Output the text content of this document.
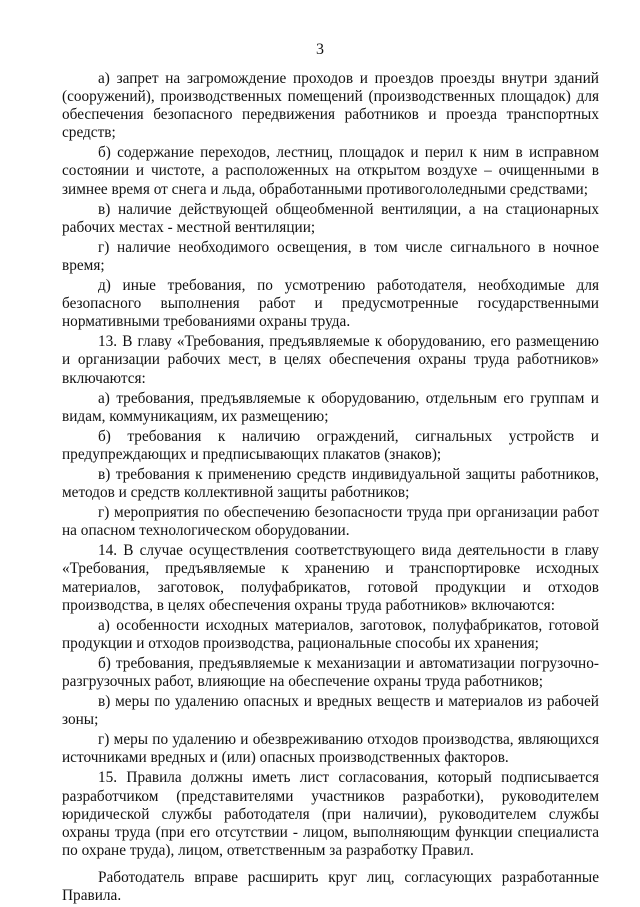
3

а) запрет на загромождение проходов и проездов проезды внутри зданий (сооружений), производственных помещений (производственных площадок) для обеспечения безопасного передвижения работников и проезда транспортных средств;

б) содержание переходов, лестниц, площадок и перил к ним в исправном состоянии и чистоте, а расположенных на открытом воздухе – очищенными в зимнее время от снега и льда, обработанными противогололедными средствами;

в) наличие действующей общеобменной вентиляции, а на стационарных рабочих местах - местной вентиляции;

г) наличие необходимого освещения, в том числе сигнального в ночное время;

д) иные требования, по усмотрению работодателя, необходимые для безопасного выполнения работ и предусмотренные государственными нормативными требованиями охраны труда.

13. В главу «Требования, предъявляемые к оборудованию, его размещению и организации рабочих мест, в целях обеспечения охраны труда работников» включаются:

а) требования, предъявляемые к оборудованию, отдельным его группам и видам, коммуникациям, их размещению;

б) требования к наличию ограждений, сигнальных устройств и предупреждающих и предписывающих плакатов (знаков);

в) требования к применению средств индивидуальной защиты работников, методов и средств коллективной защиты работников;

г) мероприятия по обеспечению безопасности труда при организации работ на опасном технологическом оборудовании.

14. В случае осуществления соответствующего вида деятельности в главу «Требования, предъявляемые к хранению и транспортировке исходных материалов, заготовок, полуфабрикатов, готовой продукции и отходов производства, в целях обеспечения охраны труда работников» включаются:

а) особенности исходных материалов, заготовок, полуфабрикатов, готовой продукции и отходов производства, рациональные способы их хранения;

б) требования, предъявляемые к механизации и автоматизации погрузочно-разгрузочных работ, влияющие на обеспечение охраны труда работников;

в) меры по удалению опасных и вредных веществ и материалов из рабочей зоны;

г) меры по удалению и обезвреживанию отходов производства, являющихся источниками вредных и (или) опасных производственных факторов.

15. Правила должны иметь лист согласования, который подписывается разработчиком (представителями участников разработки), руководителем юридической службы работодателя (при наличии), руководителем службы охраны труда (при его отсутствии - лицом, выполняющим функции специалиста по охране труда), лицом, ответственным за разработку Правил.

Работодатель вправе расширить круг лиц, согласующих разработанные Правила.
